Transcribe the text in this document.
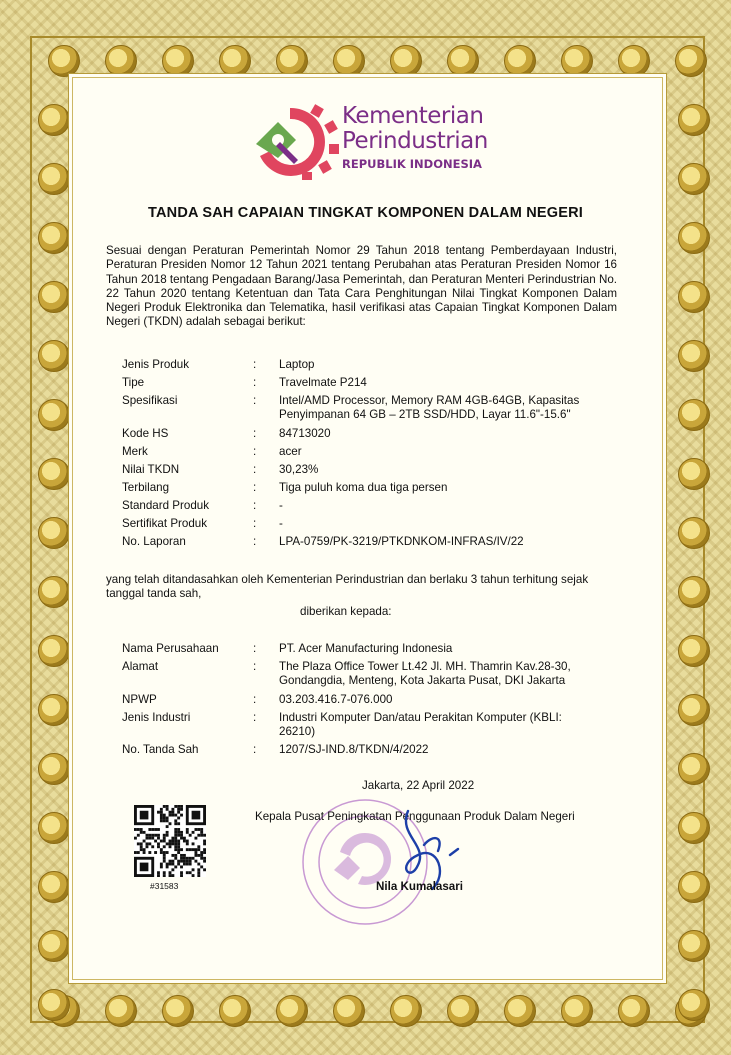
Kementerian
Perindustrian
REPUBLIK INDONESIA
TANDA SAH CAPAIAN TINGKAT KOMPONEN DALAM NEGERI
Sesuai dengan Peraturan Pemerintah Nomor 29 Tahun 2018 tentang Pemberdayaan Industri, Peraturan Presiden Nomor 12 Tahun 2021 tentang Perubahan atas Peraturan Presiden Nomor 16 Tahun 2018 tentang Pengadaan Barang/Jasa Pemerintah, dan Peraturan Menteri Perindustrian No. 22 Tahun 2020 tentang Ketentuan dan Tata Cara Penghitungan Nilai Tingkat Komponen Dalam Negeri Produk Elektronika dan Telematika, hasil verifikasi atas Capaian Tingkat Komponen Dalam Negeri (TKDN) adalah sebagai berikut:
Jenis Produk	: Laptop
Tipe	: Travelmate P214
Spesifikasi	: Intel/AMD Processor, Memory RAM 4GB-64GB, Kapasitas Penyimpanan 64 GB – 2TB SSD/HDD, Layar 11.6"-15.6"
Kode HS	: 84713020
Merk	: acer
Nilai TKDN	: 30,23%
Terbilang	: Tiga puluh koma dua tiga persen
Standard Produk	: -
Sertifikat Produk	: -
No. Laporan	: LPA-0759/PK-3219/PTKDNKOM-INFRAS/IV/22
yang telah ditandasahkan oleh Kementerian Perindustrian dan berlaku 3 tahun terhitung sejak tanggal tanda sah,
diberikan kepada:
Nama Perusahaan	: PT. Acer Manufacturing Indonesia
Alamat	: The Plaza Office Tower Lt.42 Jl. MH. Thamrin Kav.28-30, Gondangdia, Menteng, Kota Jakarta Pusat, DKI Jakarta
NPWP	: 03.203.416.7-076.000
Jenis Industri	: Industri Komputer Dan/atau Perakitan Komputer (KBLI: 26210)
No. Tanda Sah	: 1207/SJ-IND.8/TKDN/4/2022
Jakarta, 22 April 2022
Kepala Pusat Peningkatan Penggunaan Produk Dalam Negeri
Nila Kumalasari
#31583
